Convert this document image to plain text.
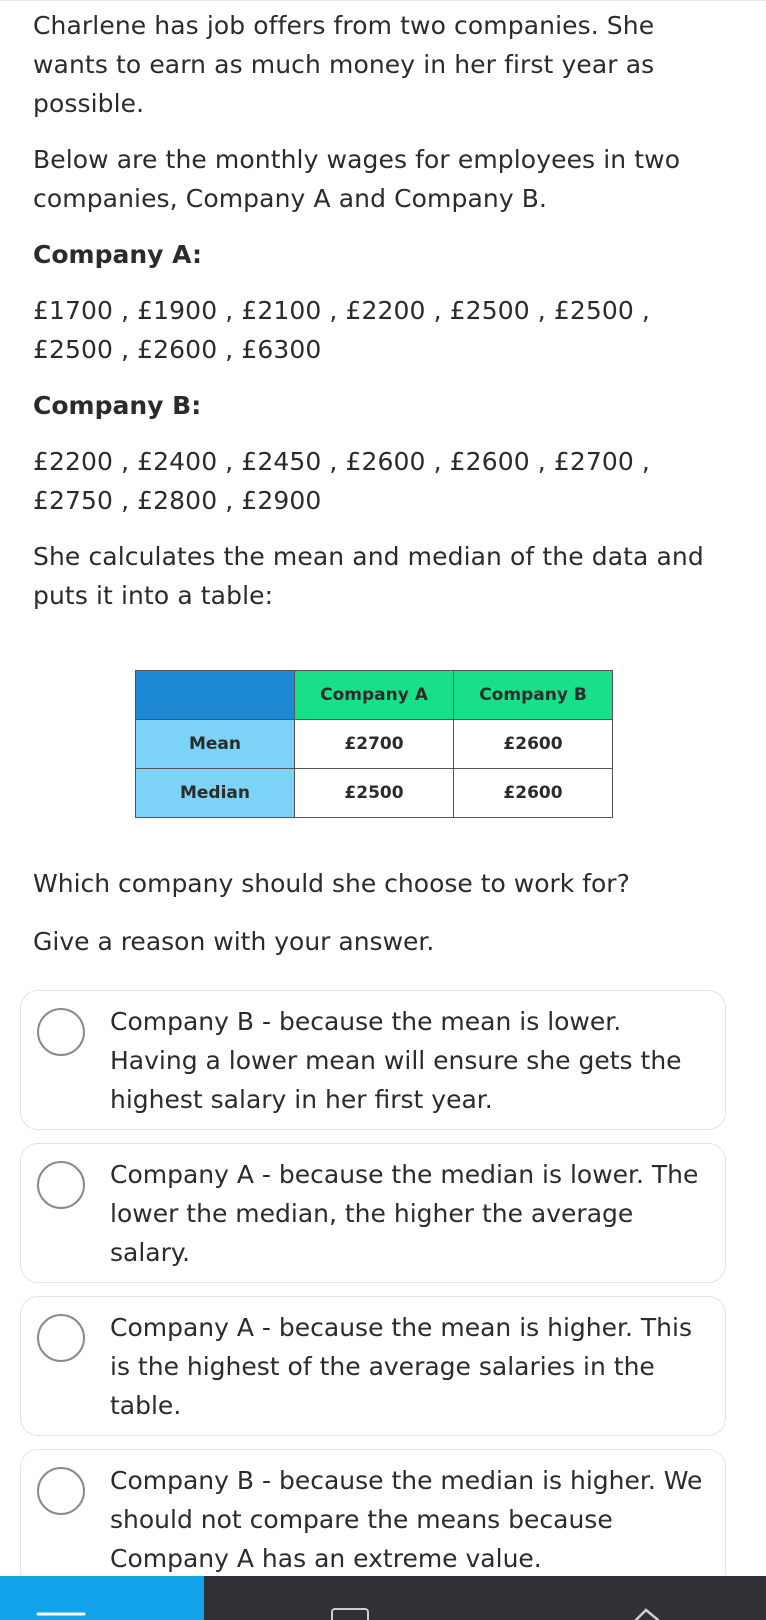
Charlene has job offers from two companies. She wants to earn as much money in her first year as possible.

Below are the monthly wages for employees in two companies, Company A and Company B.

Company A:

£1700 , £1900 , £2100 , £2200 , £2500 , £2500 ,
£2500 , £2600 , £6300

Company B:

£2200 , £2400 , £2450 , £2600 , £2600 , £2700 ,
£2750 , £2800 , £2900

She calculates the mean and median of the data and puts it into a table:

	Company A	Company B
Mean	£2700	£2600
Median	£2500	£2600
Which company should she choose to work for?
Give a reason with your answer.
Company B - because the mean is lower. Having a lower mean will ensure she gets the highest salary in her first year.
Company A - because the median is lower. The lower the median, the higher the average salary.
Company A - because the mean is higher. This is the highest of the average salaries in the table.
Company B - because the median is higher. We should not compare the means because Company A has an extreme value.
